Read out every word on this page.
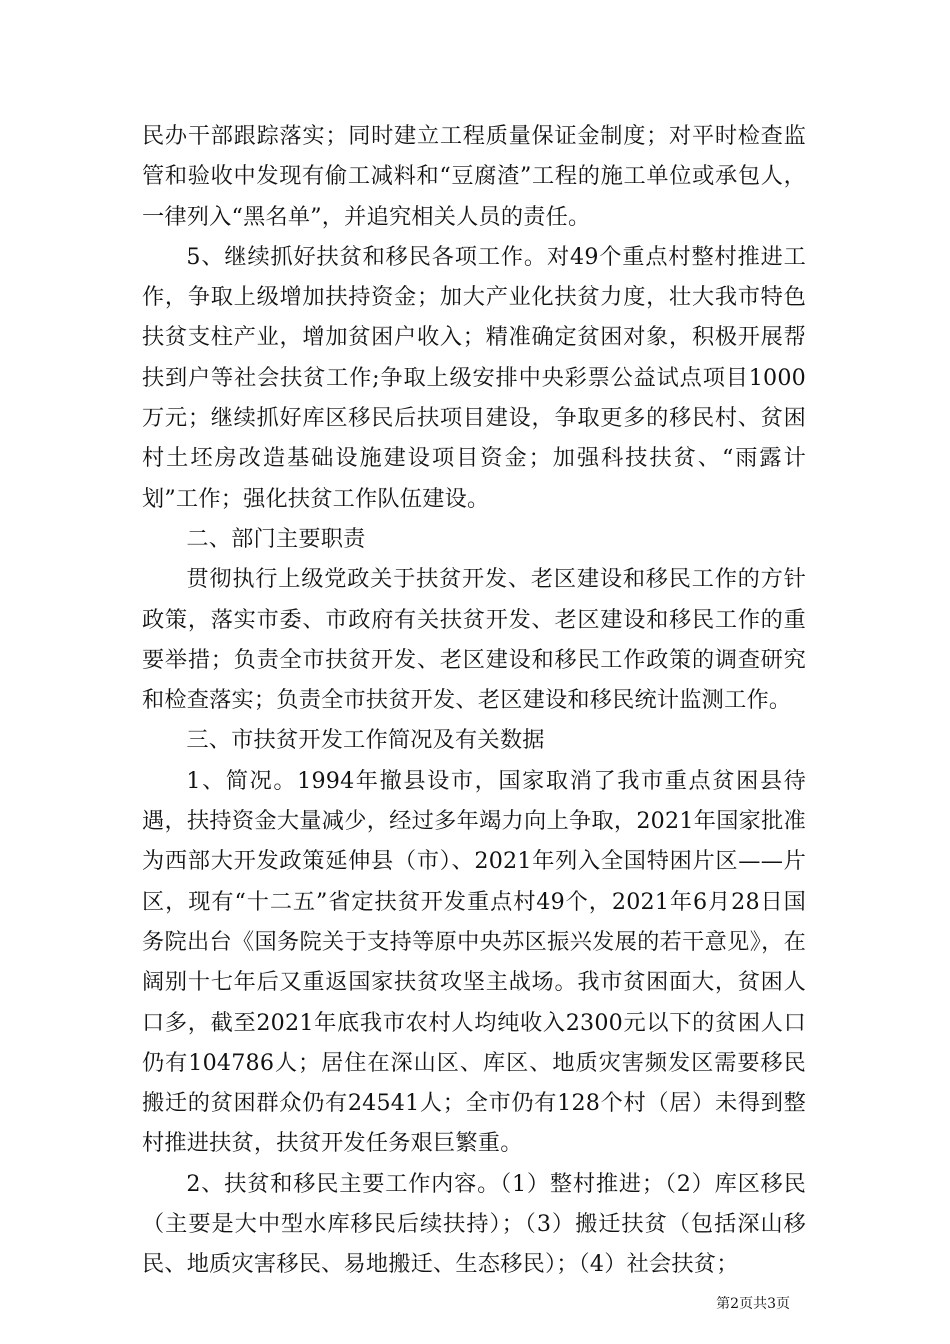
民办干部跟踪落实；同时建立工程质量保证金制度；对平时检查监管和验收中发现有偷工减料和“豆腐渣”工程的施工单位或承包人，一律列入“黑名单”，并追究相关人员的责任。

5、继续抓好扶贫和移民各项工作。对49个重点村整村推进工作，争取上级增加扶持资金；加大产业化扶贫力度，壮大我市特色扶贫支柱产业，增加贫困户收入；精准确定贫困对象，积极开展帮扶到户等社会扶贫工作;争取上级安排中央彩票公益试点项目1000万元；继续抓好库区移民后扶项目建设，争取更多的移民村、贫困村土坯房改造基础设施建设项目资金；加强科技扶贫、“雨露计划”工作；强化扶贫工作队伍建设。

二、部门主要职责

贯彻执行上级党政关于扶贫开发、老区建设和移民工作的方针政策，落实市委、市政府有关扶贫开发、老区建设和移民工作的重要举措；负责全市扶贫开发、老区建设和移民工作政策的调查研究和检查落实；负责全市扶贫开发、老区建设和移民统计监测工作。

三、市扶贫开发工作简况及有关数据

1、简况。1994年撤县设市，国家取消了我市重点贫困县待遇，扶持资金大量减少，经过多年竭力向上争取，2021年国家批准为西部大开发政策延伸县（市）、2021年列入全国特困片区——片区，现有“十二五”省定扶贫开发重点村49个，2021年6月28日国务院出台《国务院关于支持等原中央苏区振兴发展的若干意见》，在阔别十七年后又重返国家扶贫攻坚主战场。我市贫困面大，贫困人口多，截至2021年底我市农村人均纯收入2300元以下的贫困人口仍有104786人；居住在深山区、库区、地质灾害频发区需要移民搬迁的贫困群众仍有24541人；全市仍有128个村（居）未得到整村推进扶贫，扶贫开发任务艰巨繁重。

2、扶贫和移民主要工作内容。（1）整村推进；（2）库区移民（主要是大中型水库移民后续扶持）；（3）搬迁扶贫（包括深山移民、地质灾害移民、易地搬迁、生态移民）；（4）社会扶贫；

第2页共3页
